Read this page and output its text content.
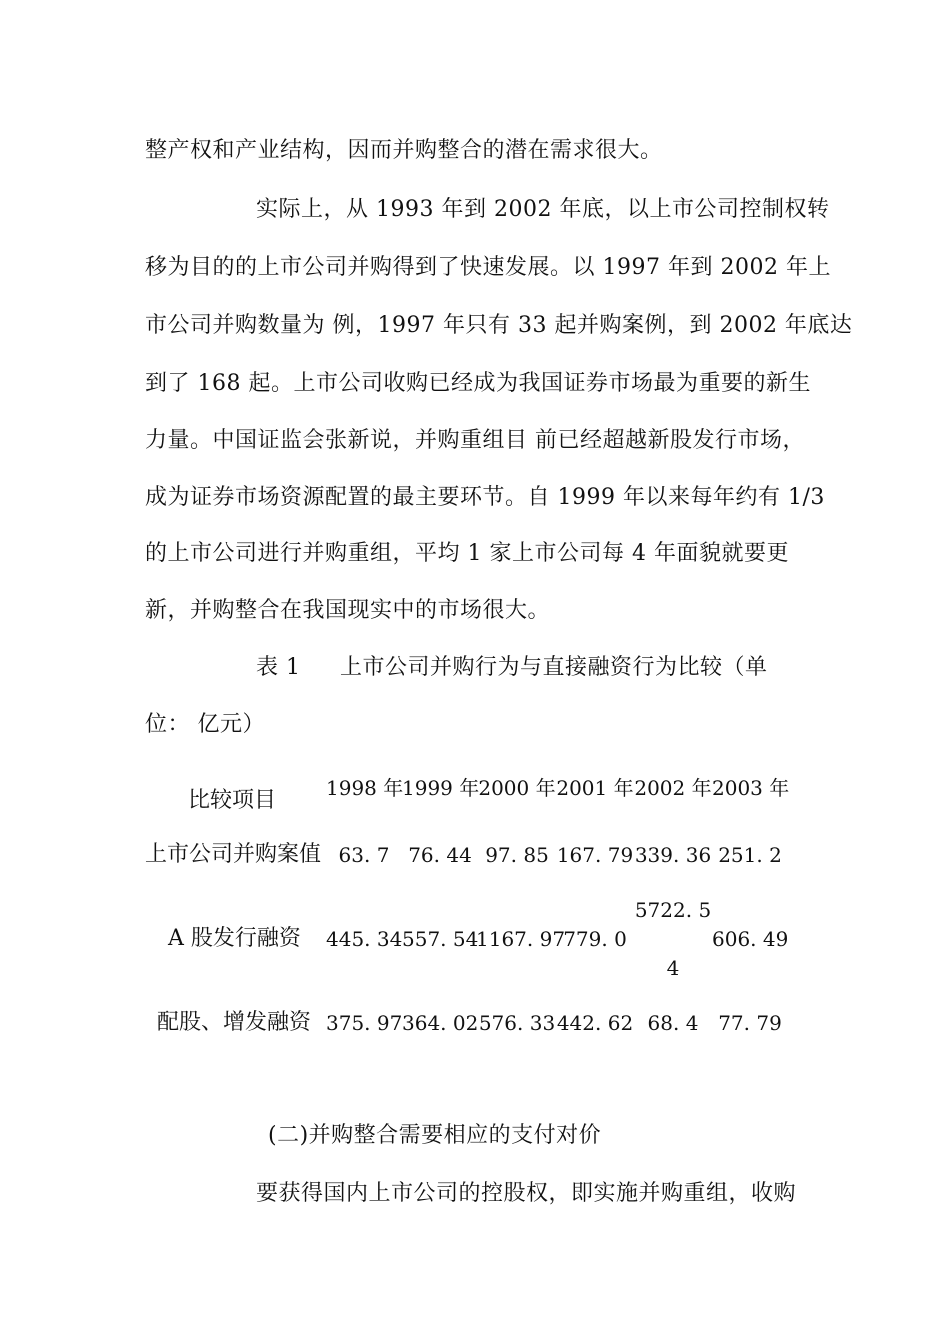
整产权和产业结构，因而并购整合的潜在需求很大。
实际上，从 1993 年到 2002 年底，以上市公司控制权转
移为目的的上市公司并购得到了快速发展。以 1997 年到 2002 年上
市公司并购数量为 例，1997 年只有 33 起并购案例，到 2002 年底达
到了 168 起。上市公司收购已经成为我国证券市场最为重要的新生
力量。中国证监会张新说，并购重组目 前已经超越新股发行市场，
成为证券市场资源配置的最主要环节。自 1999 年以来每年约有 1/3
的上市公司进行并购重组，平均 1 家上市公司每 4 年面貌就要更
新，并购整合在我国现实中的市场很大。
表 1 上市公司并购行为与直接融资行为比较（单
位： 亿元）
比较项目 1998 年
1999 年 2000 年 2001 年 2002 年 2003 年
上市公司并购案值 63. 7 76. 44 97. 85 167. 79 339. 36 251. 2
A 股发行融资 445. 34 557. 54
1167. 97
779. 0
5722. 5
4
606. 49
配股、增发融资 375. 97 364. 02 576. 33 442. 62 68. 4 77. 79
(二)并购整合需要相应的支付对价
要获得国内上市公司的控股权，即实施并购重组，收购
